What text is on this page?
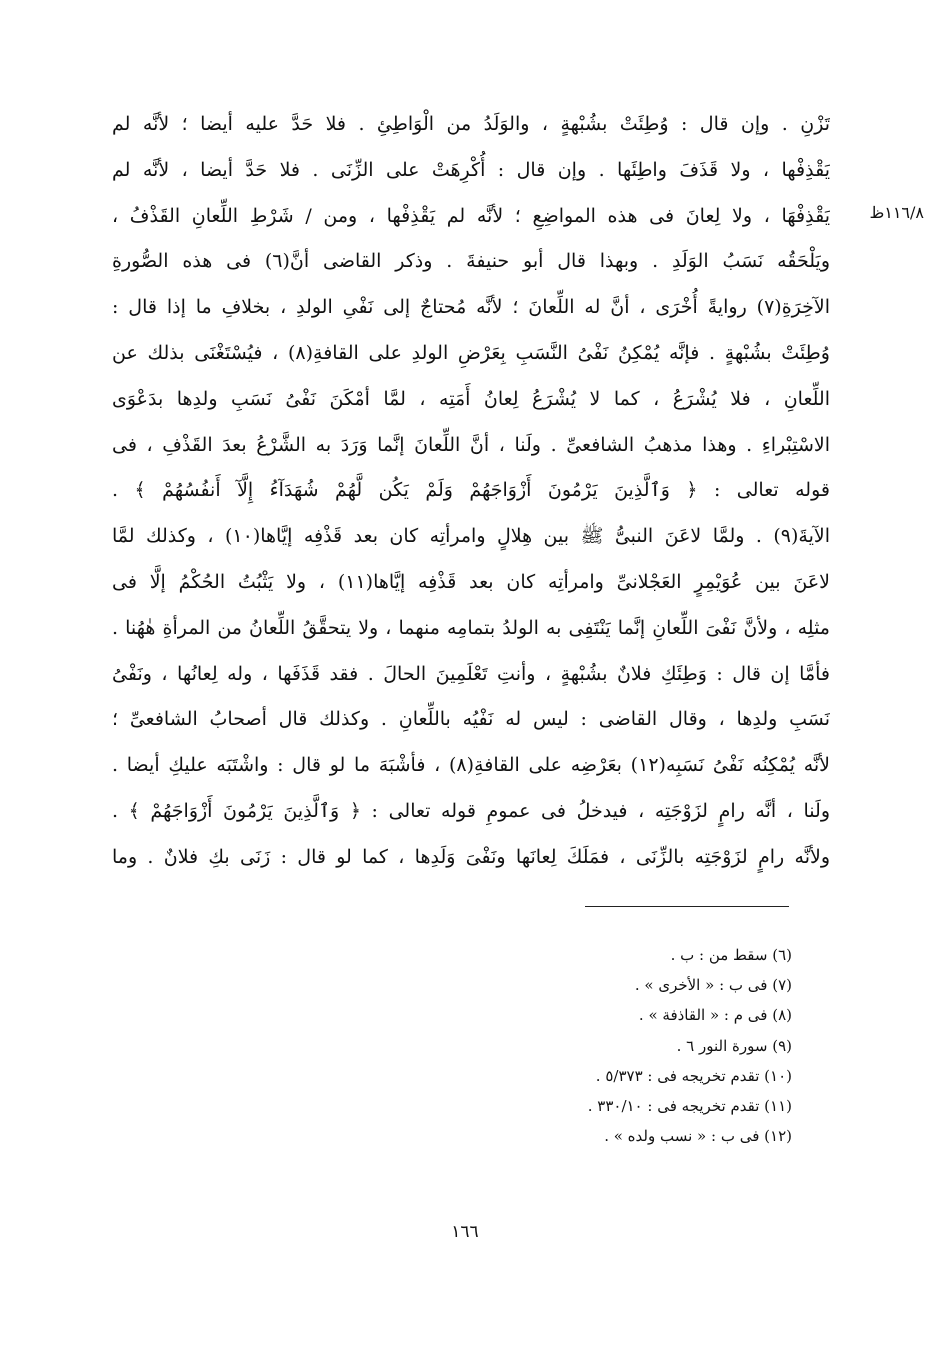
١١٦/٨ظ
تَزْنِ . وإن قال : وُطِئَتْ بشُبْهةٍ ، والوَلَدُ من الْوَاطِئِ . فلا حَدَّ عليه أيضا ؛ لأنَّه لم
يَقْذِفْها ، ولا قَذَفَ واطِئَها . وإن قال : أُكْرِهَتْ على الزِّنَى . فلا حَدَّ أيضا ، لأنَّه لم
يَقْذِفْهَا ، ولا لِعانَ فى هذه المواضِعِ ؛ لأنَّه لم يَقْذِفْها ، ومن / شَرْطِ اللِّعانِ القَذْفُ ،
ويَلْحَقُه نَسَبُ الوَلَدِ . وبهذا قال أبو حنيفةَ . وذكر القاضى أنَّ(٦) فى هذه الصُّورةِ
الآخِرَةِ(٧) روايةً أُخْرَى ، أنَّ له اللِّعانَ ؛ لأنَّه مُحتاجٌ إلى نَفْىِ الولدِ ، بخلافِ ما إذا قال :
وُطِئَتْ بشُبْهةٍ . فإنَّه يُمْكِنُ نَفْىُ النَّسَبِ بِعَرْضِ الولدِ على القافةِ(٨) ، فيُسْتَغْنَى بذلك عن
اللِّعانِ ، فلا يُشْرَعُ ، كما لا يُشْرَعُ لِعانُ أَمَتِه ، لمَّا أمْكَنَ نَفْىُ نَسَبِ ولدِها بدَعْوَى
الاسْتِبْراءِ . وهذا مذهبُ الشافعىِّ . ولَنا ، أنَّ اللِّعانَ إنَّما وَرَدَ به الشَّرْعُ بعدَ القَذْفِ ، فى
قوله تعالى : ﴿ وَٱلَّذِينَ يَرْمُونَ أَزْوَاجَهُمْ وَلَمْ يَكُن لَّهُمْ شُهَدَآءُ إِلَّآ أَنفُسُهُمْ ﴾ .
الآيةَ(٩) . ولمَّا لاعَنَ النبىُّ ﷺ بين هِلالٍ وامرأتِه كان بعد قَذْفِه إيَّاها(١٠) ، وكذلك لمَّا
لاعَنَ بين عُوَيْمِرٍ العَجْلانىِّ وامرأتِه كان بعد قَذْفِه إيَّاها(١١) ، ولا يَثْبُتُ الحُكْمُ إلَّا فى
مثلِه ، ولأنَّ نَفْىَ اللِّعانِ إنَّما يَنْتَفِى به الولدُ بتمامِه منهما ، ولا يتحقَّقُ اللِّعانُ من المرأةِ هٰهُنا .
فأمَّا إن قال : وَطِئَكِ فلانٌ بشُبْهةٍ ، وأنتِ تَعْلَمِينَ الحالَ . فقد قَذَفَها ، وله لِعانُها ، ونَفْىُ
نَسَبِ ولدِها ، وقال القاضى : ليس له نَفْيُه باللِّعانِ . وكذلك قال أصحابُ الشافعىِّ ؛
لأنَّه يُمْكِنُه نَفْىُ نَسَبِه(١٢) بعَرْضِه على القافةِ(٨) ، فأشْبَهَ ما لو قال : واشْتَبَه عليكِ أيضا .
ولَنا ، أنَّه رامٍ لزَوْجَتِه ، فيدخلُ فى عمومِ قوله تعالى : ﴿ وَٱلَّذِينَ يَرْمُونَ أَزْوَاجَهُمْ ﴾ .
ولأنَّه رامٍ لزَوْجَتِه بالزِّنَى ، فمَلَكَ لِعانَها ونَفْىَ وَلَدِها ، كما لو قال : زَنَى بكِ فلانٌ . وما
(٦) سقط من : ب .
(٧) فى ب : « الأخرى » .
(٨) فى م : « القاذفة » .
(٩) سورة النور ٦ .
(١٠) تقدم تخريجه فى : ٥/٣٧٣ .
(١١) تقدم تخريجه فى : ٣٣٠/١٠ .
(١٢) فى ب : « نسب ولده » .
١٦٦
